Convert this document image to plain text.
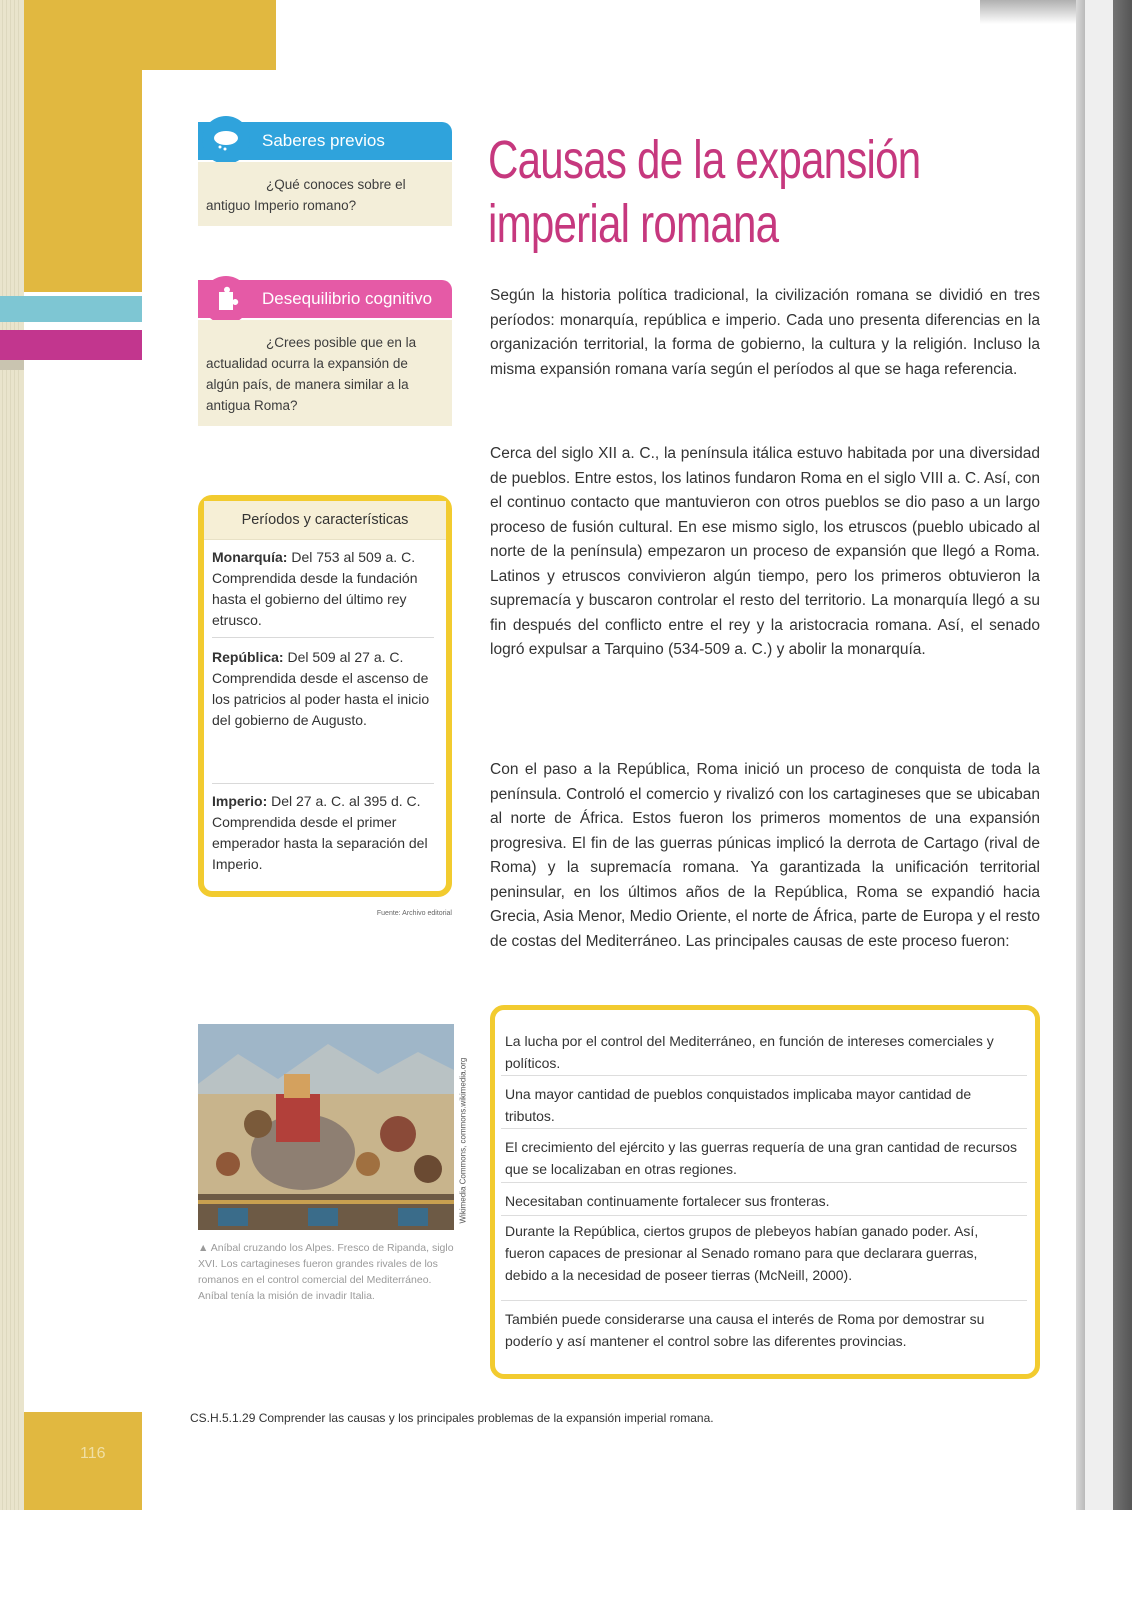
116
Saberes previos
¿Qué conoces sobre el antiguo Imperio romano?
Desequilibrio cognitivo
¿Crees posible que en la actualidad ocurra la expansión de algún país, de manera similar a la antigua Roma?
Períodos y características
Monarquía: Del 753 al 509 a. C.
Comprendida desde la fundación hasta el gobierno del último rey etrusco.
República: Del 509 al 27 a. C.
Comprendida desde el ascenso de los patricios al poder hasta el inicio del gobierno de Augusto.
Imperio: Del 27 a. C. al 395 d. C.
Comprendida desde el primer emperador hasta la separación del Imperio.
Fuente: Archivo editorial
Causas de la expansión
imperial romana
Según la historia política tradicional, la civilización romana se dividió en tres períodos: monarquía, república e imperio. Cada uno presenta diferencias en la organización territorial, la forma de gobierno, la cultura y la religión. Incluso la misma expansión romana varía según el períodos al que se haga referencia.
Cerca del siglo XII a. C., la península itálica estuvo habitada por una diversidad de pueblos. Entre estos, los latinos fundaron Roma en el siglo VIII a. C. Así, con el continuo contacto que mantuvieron con otros pueblos se dio paso a un largo proceso de fusión cultural. En ese mismo siglo, los etruscos (pueblo ubicado al norte de la península) empezaron un proceso de expansión que llegó a Roma. Latinos y etruscos convivieron algún tiempo, pero los primeros obtuvieron la supremacía y buscaron controlar el resto del territorio. La monarquía llegó a su fin después del conflicto entre el rey y la aristocracia romana. Así, el senado logró expulsar a Tarquino (534-509 a. C.) y abolir la monarquía.
Con el paso a la República, Roma inició un proceso de conquista de toda la península. Controló el comercio y rivalizó con los cartagineses que se ubicaban al norte de África. Estos fueron los primeros momentos de una expansión progresiva. El fin de las guerras púnicas implicó la derrota de Cartago (rival de Roma) y la supremacía romana. Ya garantizada la unificación territorial peninsular, en los últimos años de la República, Roma se expandió hacia Grecia, Asia Menor, Medio Oriente, el norte de África, parte de Europa y el resto de costas del Mediterráneo. Las principales causas de este proceso fueron:
La lucha por el control del Mediterráneo, en función de intereses comerciales y políticos.
Una mayor cantidad de pueblos conquistados implicaba mayor cantidad de tributos.
El crecimiento del ejército y las guerras requería de una gran cantidad de recursos que se localizaban en otras regiones.
Necesitaban continuamente fortalecer sus fronteras.
Durante la República, ciertos grupos de plebeyos habían ganado poder. Así, fueron capaces de presionar al Senado romano para que declarara guerras, debido a la necesidad de poseer tierras (McNeill, 2000).
También puede considerarse una causa el interés de Roma por demostrar su poderío y así mantener el control sobre las diferentes provincias.
Wikimedia Commons, commons.wikimedia.org
▲ Aníbal cruzando los Alpes. Fresco de Ripanda, siglo XVI. Los cartagineses fueron grandes rivales de los romanos en el control comercial del Mediterráneo. Aníbal tenía la misión de invadir Italia.
CS.H.5.1.29 Comprender las causas y los principales problemas de la expansión imperial romana.
